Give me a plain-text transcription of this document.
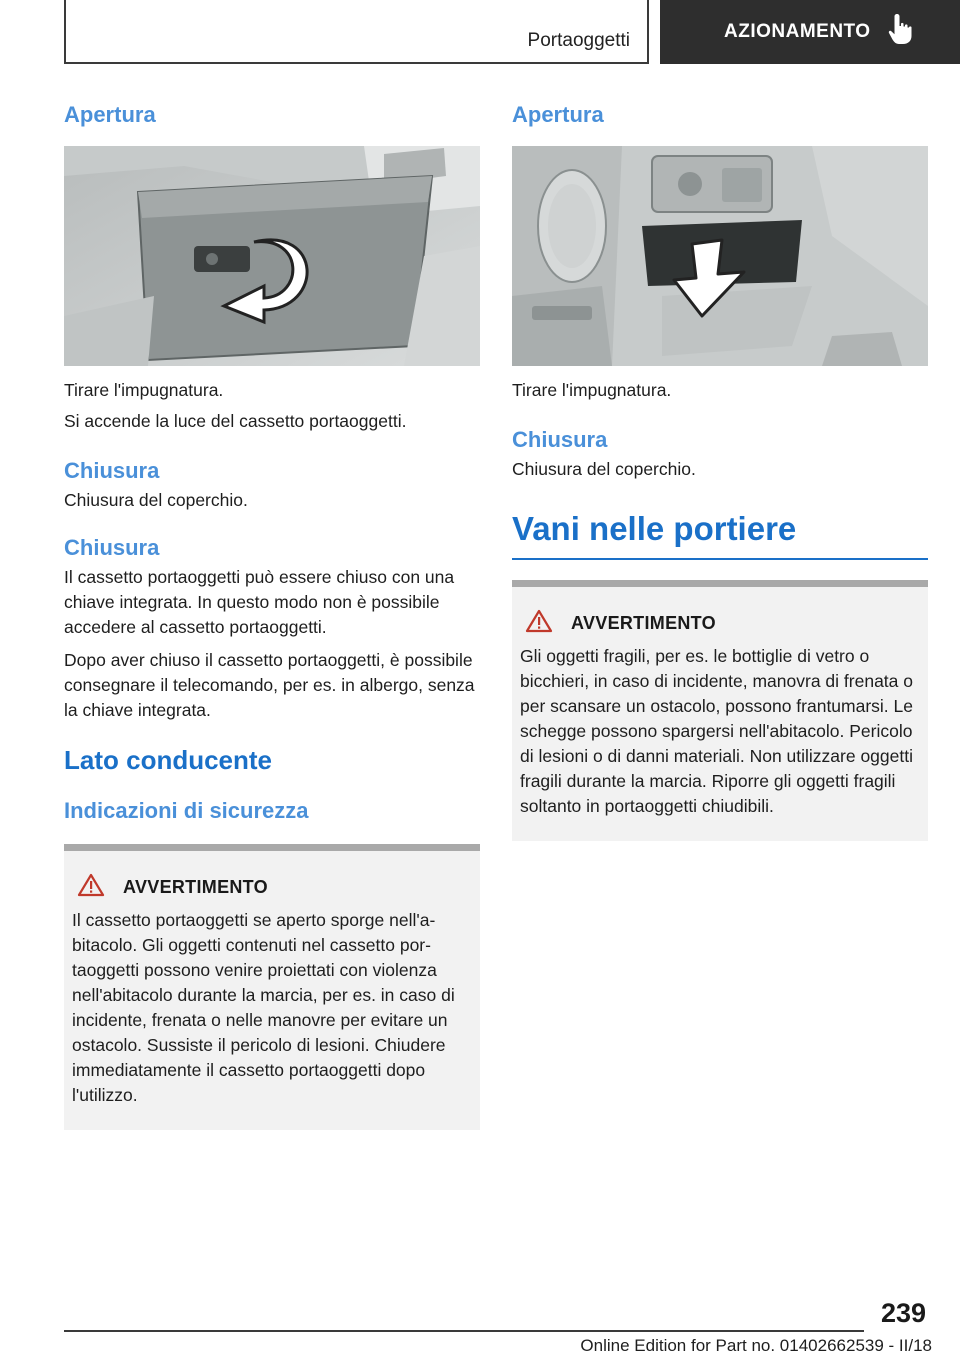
Portaoggetti	AZIONAMENTO
Apertura

Tirare l'impugnatura.

Si accende la luce del cassetto portaoggetti.

Chiusura

Chiusura del coperchio.

Chiusura

Il cassetto portaoggetti può essere chiuso con una chiave integrata. In questo modo non è possibile accedere al cassetto portaoggetti.

Dopo aver chiuso il cassetto portaoggetti, è possibile consegnare il telecomando, per es. in albergo, senza la chiave integrata.

Lato conducente
Indicazioni di sicurezza
AVVERTIMENTO

Il cassetto portaoggetti se aperto sporge nell'abitacolo. Gli oggetti contenuti nel cassetto portaoggetti possono venire proiettati con violenza nell'abitacolo durante la marcia, per es. in caso di incidente, frenata o nelle manovre per evitare un ostacolo. Sussiste il pericolo di lesioni. Chiudere immediatamente il cassetto portaoggetti dopo l'utilizzo.

Apertura

Tirare l'impugnatura.

Chiusura

Chiusura del coperchio.

Vani nelle portiere
AVVERTIMENTO

Gli oggetti fragili, per es. le bottiglie di vetro o bicchieri, in caso di incidente, manovra di frenata o per scansare un ostacolo, possono frantumarsi. Le schegge possono spargersi nell'abitacolo. Pericolo di lesioni o di danni materiali. Non utilizzare oggetti fragili durante la marcia. Riporre gli oggetti fragili soltanto in portaoggetti chiudibili.

239
Online Edition for Part no. 01402662539 - II/18
